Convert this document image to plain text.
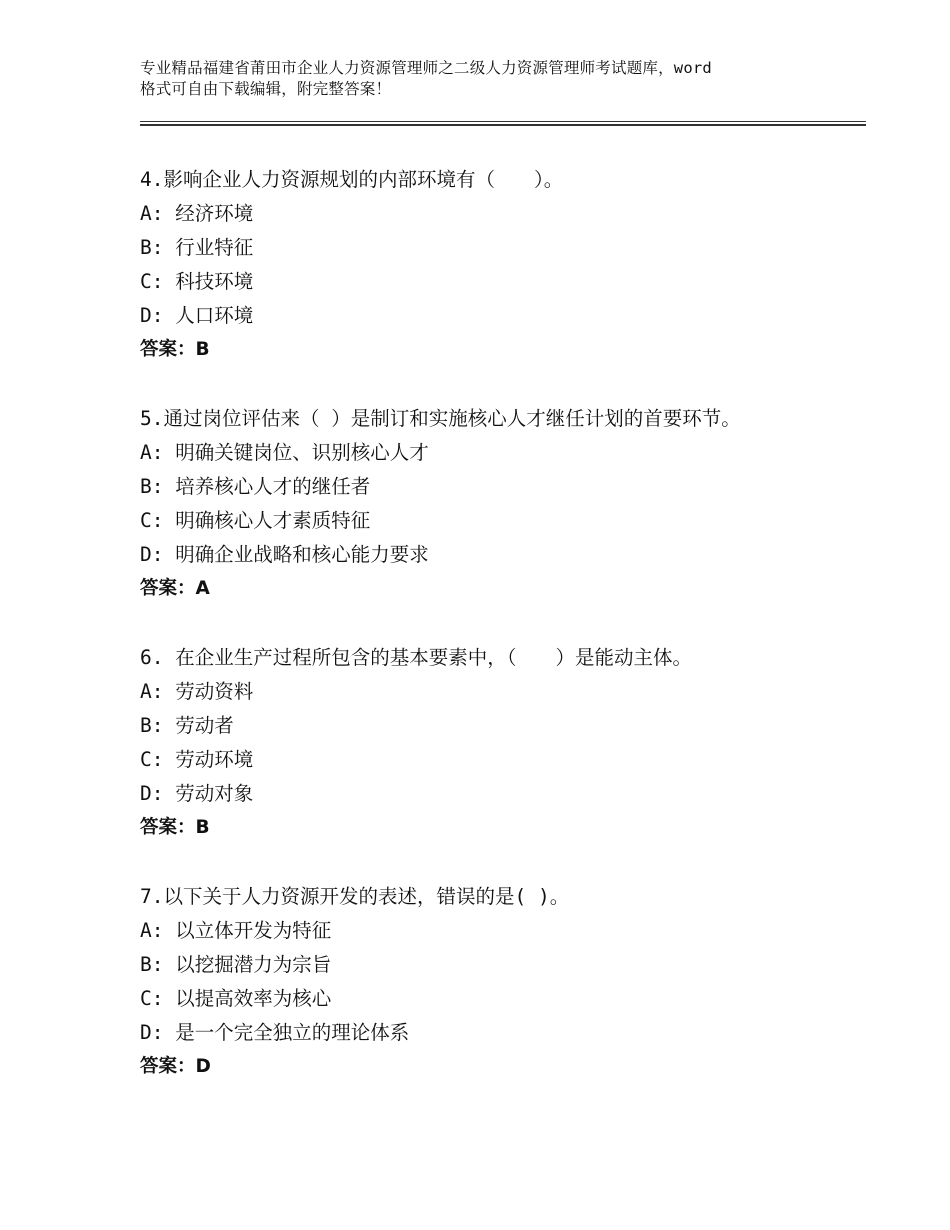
专业精品福建省莆田市企业人力资源管理师之二级人力资源管理师考试题库，word
格式可自由下载编辑，附完整答案！
4.影响企业人力资源规划的内部环境有（　　）。
A: 经济环境
B: 行业特征
C: 科技环境
D: 人口环境
答案：B
5.通过岗位评估来（ ）是制订和实施核心人才继任计划的首要环节。
A: 明确关键岗位、识别核心人才
B: 培养核心人才的继任者
C: 明确核心人才素质特征
D: 明确企业战略和核心能力要求
答案：A
6. 在企业生产过程所包含的基本要素中，（　　）是能动主体。
A: 劳动资料
B: 劳动者
C: 劳动环境
D: 劳动对象
答案：B
7.以下关于人力资源开发的表述，错误的是( )。
A: 以立体开发为特征
B: 以挖掘潜力为宗旨
C: 以提高效率为核心
D: 是一个完全独立的理论体系
答案：D
